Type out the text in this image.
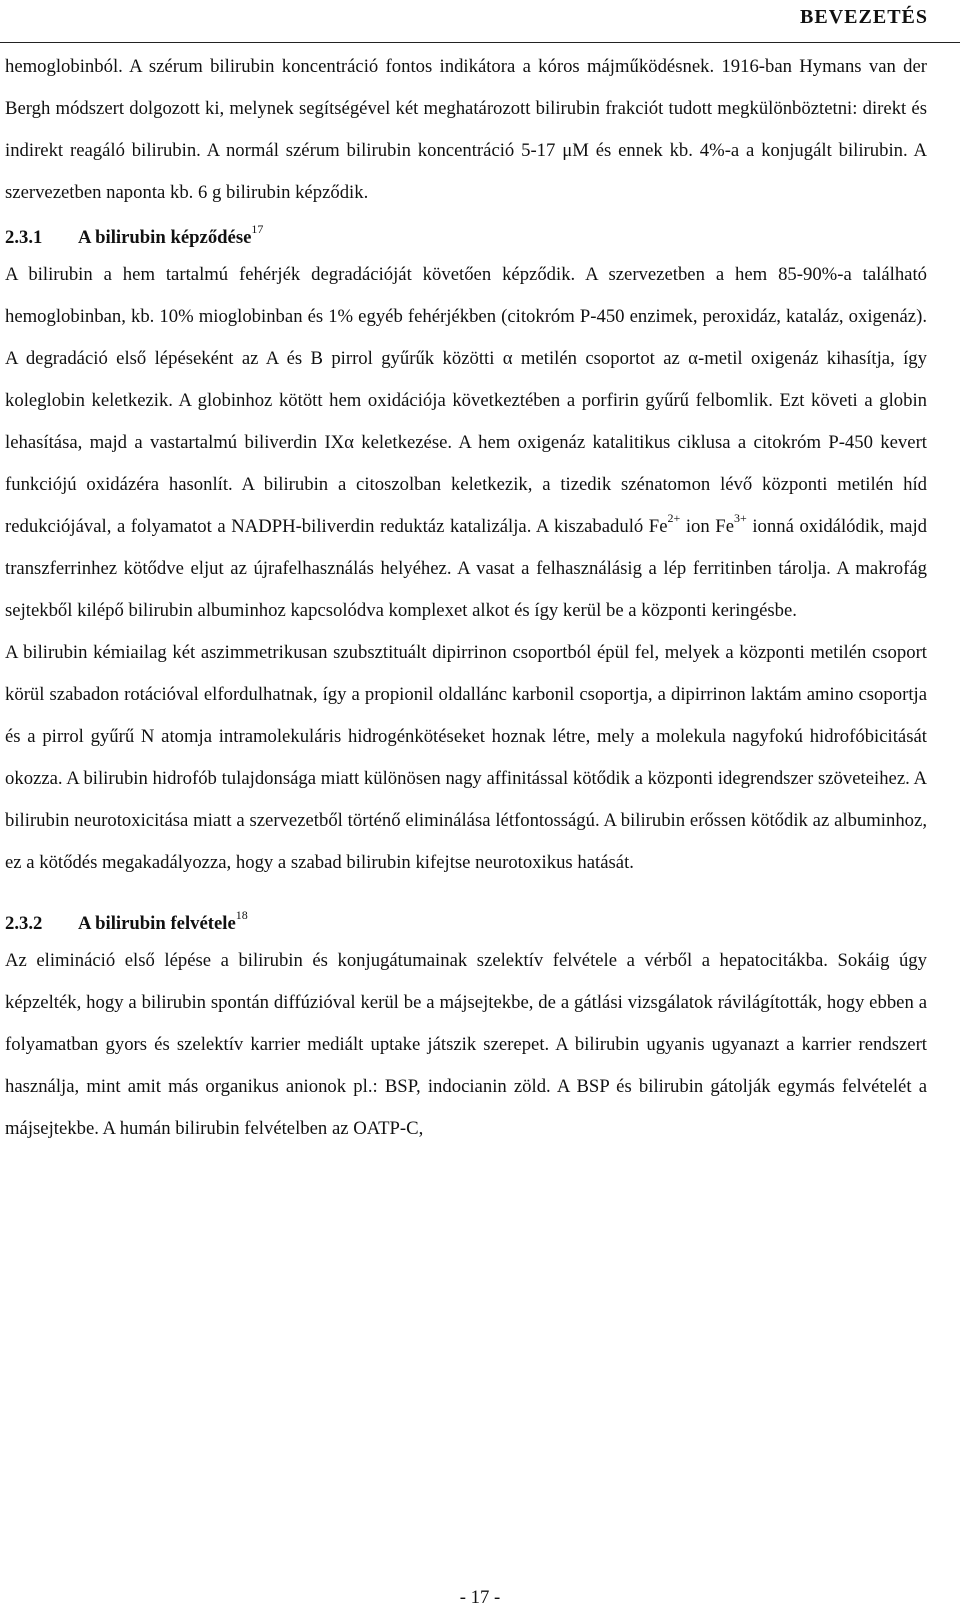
BEVEZETÉS

hemoglobinból. A szérum bilirubin koncentráció fontos indikátora a kóros májműködésnek. 1916-ban Hymans van der Bergh módszert dolgozott ki, melynek segítségével két meghatározott bilirubin frakciót tudott megkülönböztetni: direkt és indirekt reagáló bilirubin. A normál szérum bilirubin koncentráció 5-17 μM és ennek kb. 4%-a a konjugált bilirubin. A szervezetben naponta kb. 6 g bilirubin képződik.

2.3.1 A bilirubin képződése$^{17}$

A bilirubin a hem tartalmú fehérjék degradációját követően képződik. A szervezetben a hem 85-90%-a található hemoglobinban, kb. 10% mioglobinban és 1% egyéb fehérjékben (citokróm P-450 enzimek, peroxidáz, kataláz, oxigenáz). A degradáció első lépéseként az A és B pirrol gyűrűk közötti α metilén csoportot az α-metil oxigenáz kihasítja, így koleglobin keletkezik. A globinhoz kötött hem oxidációja következtében a porfirin gyűrű felbomlik. Ezt követi a globin lehasítása, majd a vastartalmú biliverdin IXα keletkezése. A hem oxigenáz katalitikus ciklusa a citokróm P-450 kevert funkciójú oxidázéra hasonlít. A bilirubin a citoszolban keletkezik, a tizedik szénatomon lévő központi metilén híd redukciójával, a folyamatot a NADPH-biliverdin reduktáz katalizálja. A kiszabaduló $Fe^{2+}$ ion $Fe^{3+}$ ionná oxidálódik, majd transzferrinhez kötődve eljut az újrafelhasználás helyéhez. A vasat a felhasználásig a lép ferritinben tárolja. A makrofág sejtekből kilépő bilirubin albuminhoz kapcsolódva komplexet alkot és így kerül be a központi keringésbe.

A bilirubin kémiailag két aszimmetrikusan szubsztituált dipirrinon csoportból épül fel, melyek a központi metilén csoport körül szabadon rotációval elfordulhatnak, így a propionil oldallánc karbonil csoportja, a dipirrinon laktám amino csoportja és a pirrol gyűrű N atomja intramolekuláris hidrogénkötéseket hoznak létre, mely a molekula nagyfokú hidrofóbicitását okozza. A bilirubin hidrofób tulajdonsága miatt különösen nagy affinitással kötődik a központi idegrendszer szöveteihez. A bilirubin neurotoxicitása miatt a szervezetből történő eliminálása létfontosságú. A bilirubin erőssen kötődik az albuminhoz, ez a kötődés megakadályozza, hogy a szabad bilirubin kifejtse neurotoxikus hatását.

2.3.2 A bilirubin felvétele$^{18}$

Az elimináció első lépése a bilirubin és konjugátumainak szelektív felvétele a vérből a hepatocitákba. Sokáig úgy képzelték, hogy a bilirubin spontán diffúzióval kerül be a májsejtekbe, de a gátlási vizsgálatok rávilágították, hogy ebben a folyamatban gyors és szelektív karrier mediált uptake játszik szerepet. A bilirubin ugyanis ugyanazt a karrier rendszert használja, mint amit más organikus anionok pl.: BSP, indocianin zöld. A BSP és bilirubin gátolják egymás felvételét a májsejtekbe. A humán bilirubin felvételben az OATP-C,

- 17 -
